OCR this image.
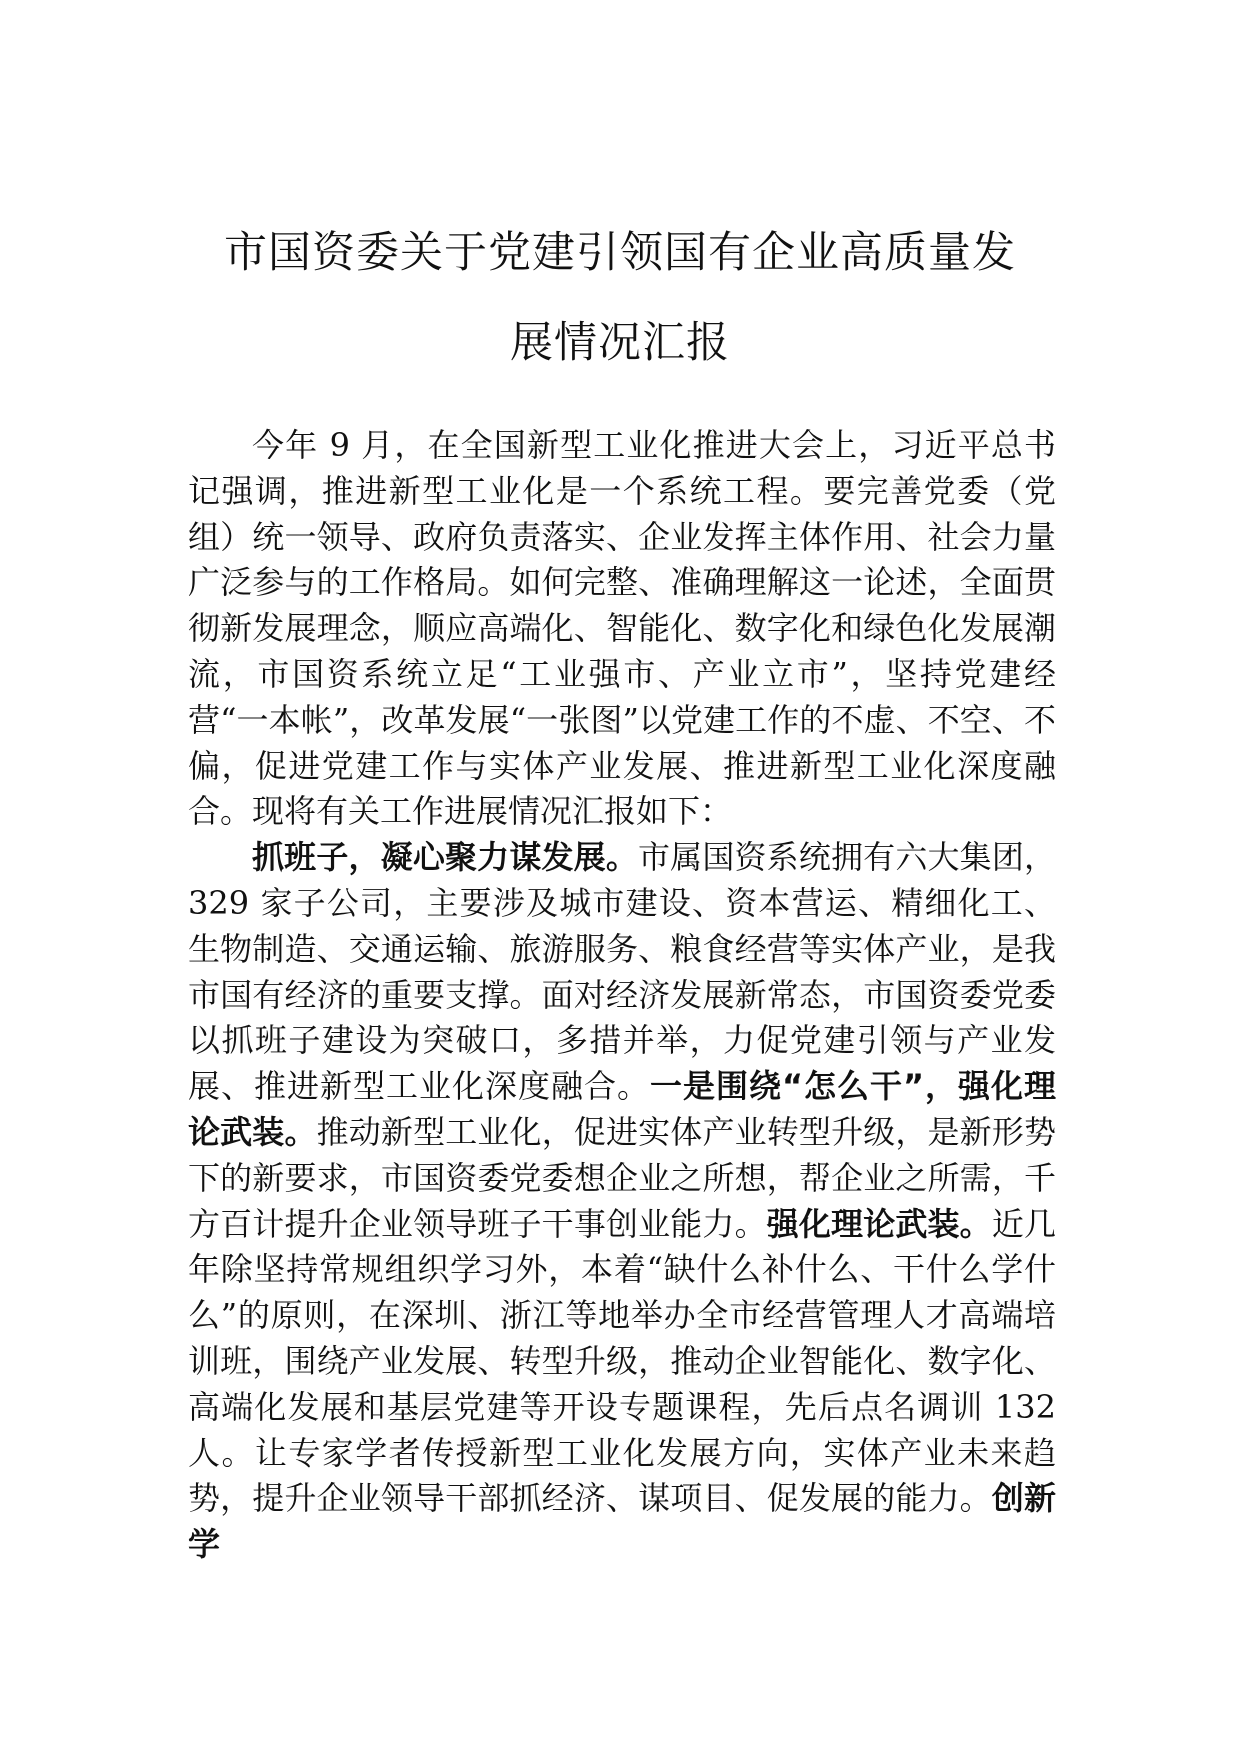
市国资委关于党建引领国有企业高质量发
展情况汇报

今年 9 月，在全国新型工业化推进大会上，习近平总书记强调，推进新型工业化是一个系统工程。要完善党委（党组）统一领导、政府负责落实、企业发挥主体作用、社会力量广泛参与的工作格局。如何完整、准确理解这一论述，全面贯彻新发展理念，顺应高端化、智能化、数字化和绿色化发展潮流，市国资系统立足“工业强市、产业立市”，坚持党建经营“一本帐”，改革发展“一张图”以党建工作的不虚、不空、不偏，促进党建工作与实体产业发展、推进新型工业化深度融合。现将有关工作进展情况汇报如下：

抓班子，凝心聚力谋发展。市属国资系统拥有六大集团，329 家子公司，主要涉及城市建设、资本营运、精细化工、生物制造、交通运输、旅游服务、粮食经营等实体产业，是我市国有经济的重要支撑。面对经济发展新常态，市国资委党委以抓班子建设为突破口，多措并举，力促党建引领与产业发展、推进新型工业化深度融合。一是围绕“怎么干”，强化理论武装。推动新型工业化，促进实体产业转型升级，是新形势下的新要求，市国资委党委想企业之所想，帮企业之所需，千方百计提升企业领导班子干事创业能力。强化理论武装。近几年除坚持常规组织学习外，本着“缺什么补什么、干什么学什么”的原则，在深圳、浙江等地举办全市经营管理人才高端培训班，围绕产业发展、转型升级，推动企业智能化、数字化、高端化发展和基层党建等开设专题课程，先后点名调训 132 人。让专家学者传授新型工业化发展方向，实体产业未来趋势，提升企业领导干部抓经济、谋项目、促发展的能力。创新学
